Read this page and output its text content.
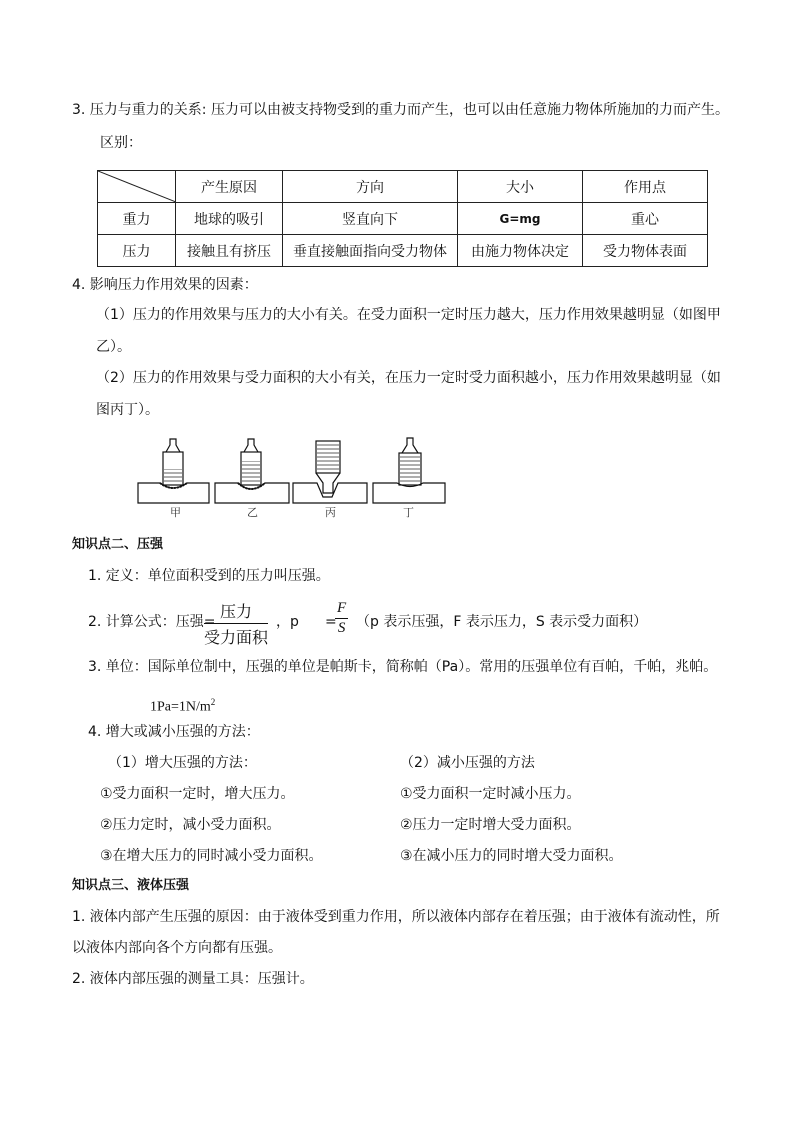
3. 压力与重力的关系: 压力可以由被支持物受到的重力而产生，也可以由任意施力物体所施加的力而产生。
区别：
	产生原因	方向	大小	作用点
重力	地球的吸引	竖直向下	G=mg	重心
压力	接触且有挤压	垂直接触面指向受力物体	由施力物体决定	受力物体表面
4. 影响压力作用效果的因素：
（1）压力的作用效果与压力的大小有关。在受力面积一定时压力越大，压力作用效果越明显（如图甲
乙）。
（2）压力的作用效果与受力面积的大小有关，在压力一定时受力面积越小，压力作用效果越明显（如
图丙丁）。
甲	乙	丙	丁
知识点二、压强
1. 定义：单位面积受到的压力叫压强。
2. 计算公式：压强=
压力
受力面积
，p =
$\frac{F}{S} (p$ 表示压强，F 表示压力，S 表示受力面积）
3. 单位：国际单位制中，压强的单位是帕斯卡，简称帕（Pa）。常用的压强单位有百帕，千帕，兆帕。
$1Pa=1N/m^2$
4. 增大或减小压强的方法：
（1）增大压强的方法：	（2）减小压强的方法
①受力面积一定时，增大压力。
②压力定时，减小受力面积。
③在增大压力的同时减小受力面积。
①受力面积一定时减小压力。
②压力一定时增大受力面积。
③在减小压力的同时增大受力面积。
知识点三、液体压强
1. 液体内部产生压强的原因：由于液体受到重力作用，所以液体内部存在着压强；由于液体有流动性，所
以液体内部向各个方向都有压强。
2. 液体内部压强的测量工具：压强计。
